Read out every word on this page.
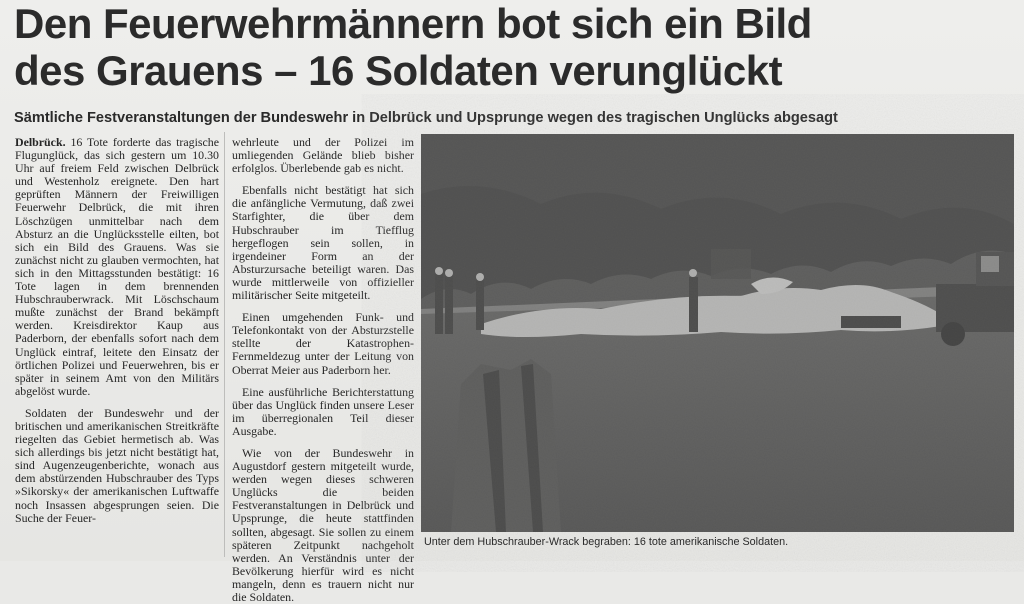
Den Feuerwehrmännern bot sich ein Bild
des Grauens – 16 Soldaten verunglückt
Sämtliche Festveranstaltungen der Bundeswehr in Delbrück und Upsprunge wegen des tragischen Unglücks abgesagt

Delbrück. 16 Tote forderte das tragische Flugunglück, das sich gestern um 10.30 Uhr auf freiem Feld zwischen Delbrück und Westenholz ereignete. Den hart geprüften Männern der Freiwilligen Feuerwehr Delbrück, die mit ihren Löschzügen unmittelbar nach dem Absturz an die Unglücksstelle eilten, bot sich ein Bild des Grauens. Was sie zunächst nicht zu glauben vermochten, hat sich in den Mittagsstunden bestätigt: 16 Tote lagen in dem brennenden Hubschrauberwrack. Mit Löschschaum mußte zunächst der Brand bekämpft werden. Kreisdirektor Kaup aus Paderborn, der ebenfalls sofort nach dem Unglück eintraf, leitete den Einsatz der örtlichen Polizei und Feuerwehren, bis er später in seinem Amt von den Militärs abgelöst wurde.

Soldaten der Bundeswehr und der britischen und amerikanischen Streitkräfte riegelten das Gebiet hermetisch ab. Was sich allerdings bis jetzt nicht bestätigt hat, sind Augenzeugenberichte, wonach aus dem abstürzenden Hubschrauber des Typs »Sikorsky« der amerikanischen Luftwaffe noch Insassen abgesprungen seien. Die Suche der Feuer-

wehrleute und der Polizei im umliegenden Gelände blieb bisher erfolglos. Überlebende gab es nicht.

Ebenfalls nicht bestätigt hat sich die anfängliche Vermutung, daß zwei Starfighter, die über dem Hubschrauber im Tiefflug hergeflogen sein sollen, in irgendeiner Form an der Absturzursache beteiligt waren. Das wurde mittlerweile von offizieller militärischer Seite mitgeteilt.

Einen umgehenden Funk- und Telefonkontakt von der Absturzstelle stellte der Katastrophen-Fernmeldezug unter der Leitung von Oberrat Meier aus Paderborn her.

Eine ausführliche Berichterstattung über das Unglück finden unsere Leser im überregionalen Teil dieser Ausgabe.

Wie von der Bundeswehr in Augustdorf gestern mitgeteilt wurde, werden wegen dieses schweren Unglücks die beiden Festveranstaltungen in Delbrück und Upsprunge, die heute stattfinden sollten, abgesagt. Sie sollen zu einem späteren Zeitpunkt nachgeholt werden. An Verständnis unter der Bevölkerung hierfür wird es nicht mangeln, denn es trauern nicht nur die Soldaten.

Unter dem Hubschrauber-Wrack begraben: 16 tote amerikanische Soldaten.
